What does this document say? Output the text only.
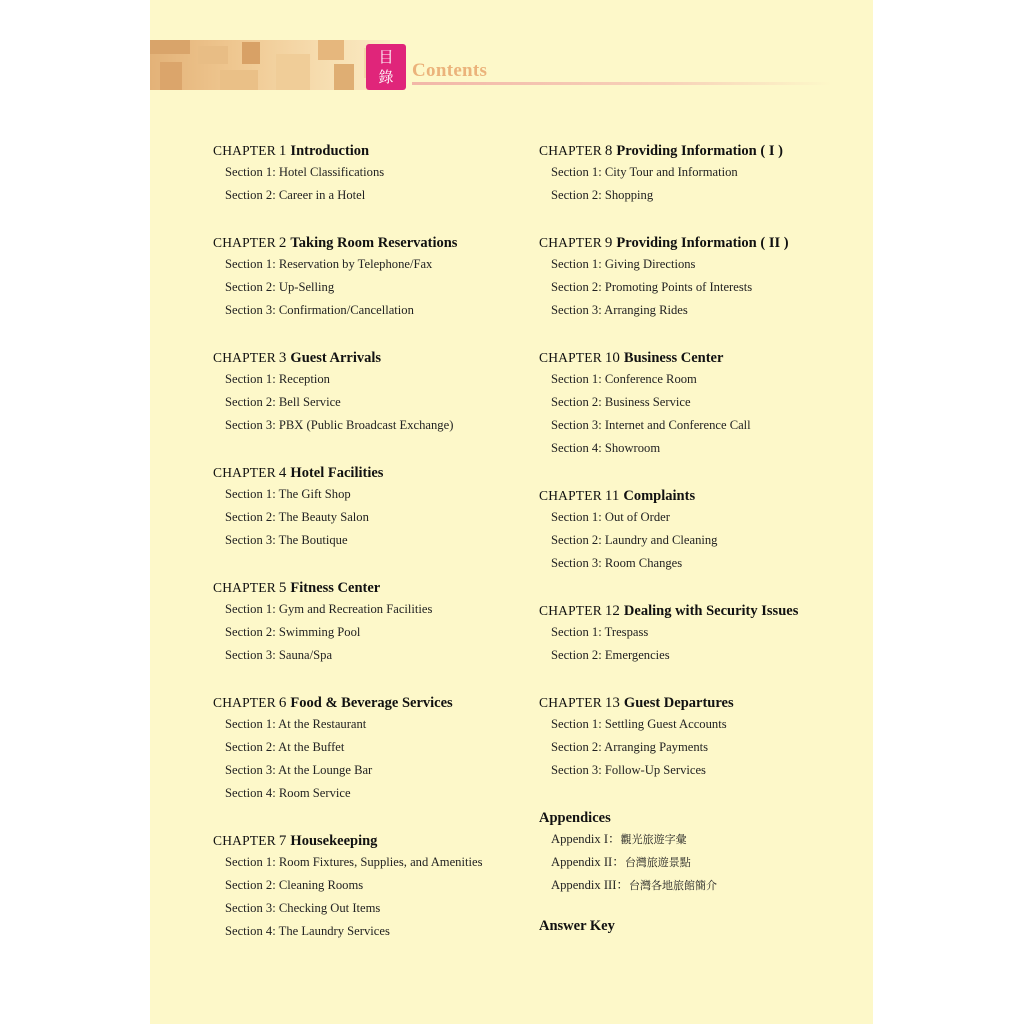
目
錄 Contents
CHAPTER 1 Introduction
Section 1: Hotel Classifications
Section 2: Career in a Hotel
CHAPTER 2 Taking Room Reservations
Section 1: Reservation by Telephone/Fax
Section 2: Up-Selling
Section 3: Confirmation/Cancellation
CHAPTER 3 Guest Arrivals
Section 1: Reception
Section 2: Bell Service
Section 3: PBX (Public Broadcast Exchange)
CHAPTER 4 Hotel Facilities
Section 1: The Gift Shop
Section 2: The Beauty Salon
Section 3: The Boutique
CHAPTER 5 Fitness Center
Section 1: Gym and Recreation Facilities
Section 2: Swimming Pool
Section 3: Sauna/Spa
CHAPTER 6 Food & Beverage Services
Section 1: At the Restaurant
Section 2: At the Buffet
Section 3: At the Lounge Bar
Section 4: Room Service
CHAPTER 7 Housekeeping
Section 1: Room Fixtures, Supplies, and Amenities
Section 2: Cleaning Rooms
Section 3: Checking Out Items
Section 4: The Laundry Services
CHAPTER 8 Providing Information ( I )
Section 1: City Tour and Information
Section 2: Shopping
CHAPTER 9 Providing Information ( II )
Section 1: Giving Directions
Section 2: Promoting Points of Interests
Section 3: Arranging Rides
CHAPTER 10 Business Center
Section 1: Conference Room
Section 2: Business Service
Section 3: Internet and Conference Call
Section 4: Showroom
CHAPTER 11 Complaints
Section 1: Out of Order
Section 2: Laundry and Cleaning
Section 3: Room Changes
CHAPTER 12 Dealing with Security Issues
Section 1: Trespass
Section 2: Emergencies
CHAPTER 13 Guest Departures
Section 1: Settling Guest Accounts
Section 2: Arranging Payments
Section 3: Follow-Up Services
Appendices
Appendix I：觀光旅遊字彙
Appendix II：台灣旅遊景點
Appendix III：台灣各地旅館簡介
Answer Key
